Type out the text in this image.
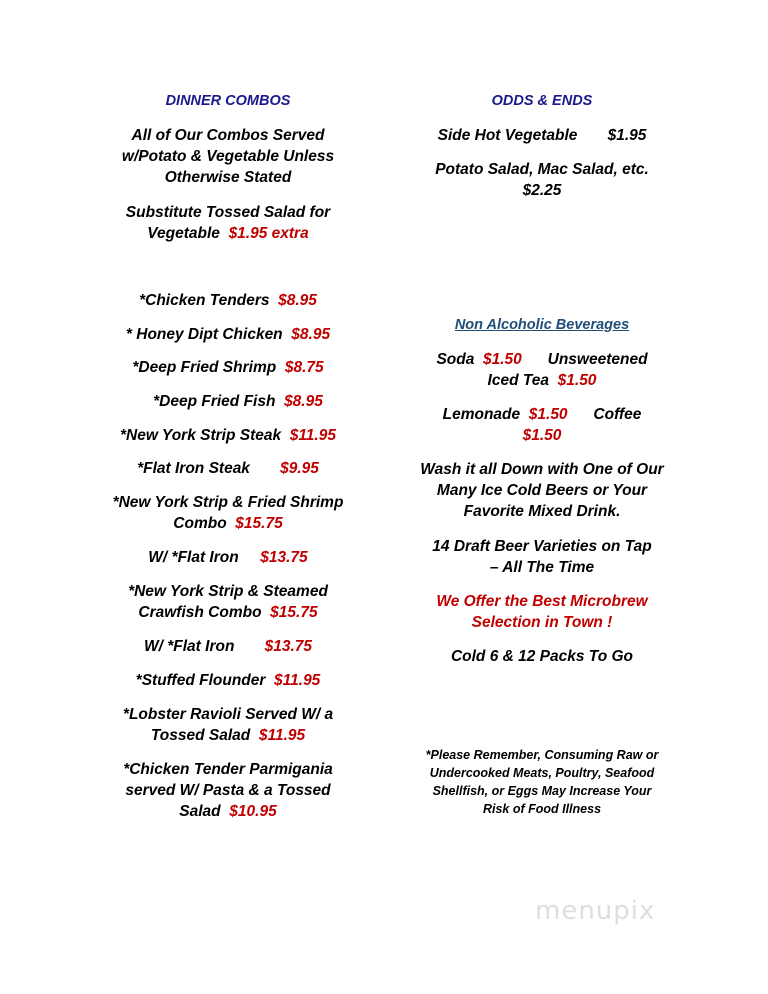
DINNER COMBOS
All of Our Combos Served
w/Potato & Vegetable Unless
Otherwise Stated
Substitute Tossed Salad for
Vegetable $1.95 extra
*Chicken Tenders $8.95
* Honey Dipt Chicken $8.95
*Deep Fried Shrimp $8.75
*Deep Fried Fish $8.95
*New York Strip Steak $11.95
*Flat Iron Steak $9.95
*New York Strip & Fried Shrimp
Combo $15.75
W/ *Flat Iron $13.75
*New York Strip & Steamed
Crawfish Combo $15.75
W/ *Flat Iron $13.75
*Stuffed Flounder $11.95
*Lobster Ravioli Served W/ a
Tossed Salad $11.95
*Chicken Tender Parmigania
served W/ Pasta & a Tossed
Salad $10.95
ODDS & ENDS
Side Hot Vegetable $1.95
Potato Salad, Mac Salad, etc.
$2.25
Non Alcoholic Beverages
Soda $1.50 Unsweetened
Iced Tea $1.50
Lemonade $1.50 Coffee
$1.50
Wash it all Down with One of Our
Many Ice Cold Beers or Your
Favorite Mixed Drink.
14 Draft Beer Varieties on Tap
– All The Time
We Offer the Best Microbrew
Selection in Town !
Cold 6 & 12 Packs To Go
*Please Remember, Consuming Raw or
Undercooked Meats, Poultry, Seafood
Shellfish, or Eggs May Increase Your
Risk of Food Illness
menupix
